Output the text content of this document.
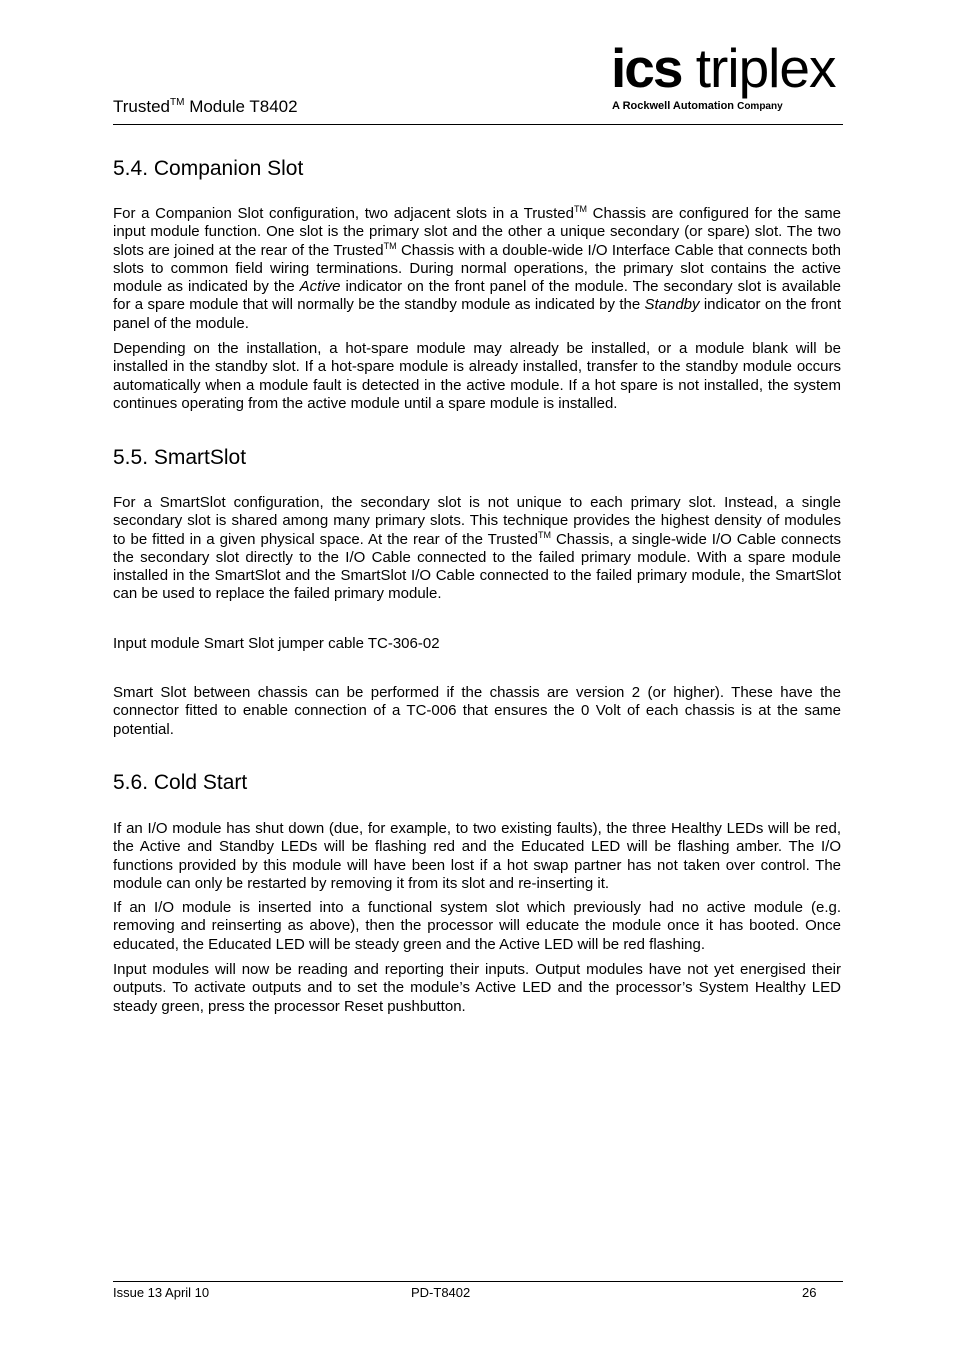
Trusted™ Module T8402
ics triplex
A Rockwell Automation Company
5.4. Companion Slot

For a Companion Slot configuration, two adjacent slots in a Trusted™ Chassis are configured for the same input module function. One slot is the primary slot and the other a unique secondary (or spare) slot. The two slots are joined at the rear of the Trusted™ Chassis with a double-wide I/O Interface Cable that connects both slots to common field wiring terminations. During normal operations, the primary slot contains the active module as indicated by the Active indicator on the front panel of the module. The secondary slot is available for a spare module that will normally be the standby module as indicated by the Standby indicator on the front panel of the module.

Depending on the installation, a hot-spare module may already be installed, or a module blank will be installed in the standby slot. If a hot-spare module is already installed, transfer to the standby module occurs automatically when a module fault is detected in the active module. If a hot spare is not installed, the system continues operating from the active module until a spare module is installed.

5.5. SmartSlot

For a SmartSlot configuration, the secondary slot is not unique to each primary slot. Instead, a single secondary slot is shared among many primary slots. This technique provides the highest density of modules to be fitted in a given physical space. At the rear of the Trusted™ Chassis, a single-wide I/O Cable connects the secondary slot directly to the I/O Cable connected to the failed primary module. With a spare module installed in the SmartSlot and the SmartSlot I/O Cable connected to the failed primary module, the SmartSlot can be used to replace the failed primary module.

Input module Smart Slot jumper cable TC-306-02

Smart Slot between chassis can be performed if the chassis are version 2 (or higher). These have the connector fitted to enable connection of a TC-006 that ensures the 0 Volt of each chassis is at the same potential.

5.6. Cold Start

If an I/O module has shut down (due, for example, to two existing faults), the three Healthy LEDs will be red, the Active and Standby LEDs will be flashing red and the Educated LED will be flashing amber. The I/O functions provided by this module will have been lost if a hot swap partner has not taken over control. The module can only be restarted by removing it from its slot and re-inserting it.

If an I/O module is inserted into a functional system slot which previously had no active module (e.g. removing and reinserting as above), then the processor will educate the module once it has booted. Once educated, the Educated LED will be steady green and the Active LED will be red flashing.

Input modules will now be reading and reporting their inputs. Output modules have not yet energised their outputs. To activate outputs and to set the module’s Active LED and the processor’s System Healthy LED steady green, press the processor Reset pushbutton.

Issue 13 April 10	PD-T8402	26
